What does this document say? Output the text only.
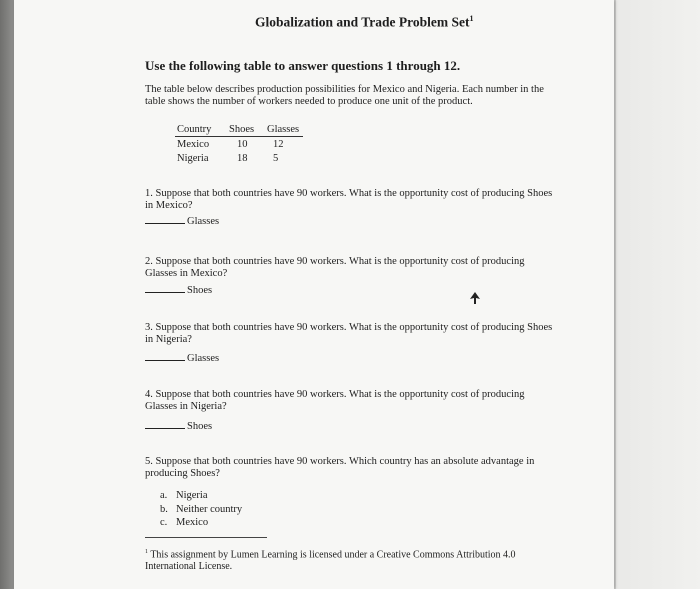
Globalization and Trade Problem Set$^1$
Use the following table to answer questions 1 through 12.
The table below describes production possibilities for Mexico and Nigeria. Each number in the
table shows the number of workers needed to produce one unit of the product.
Country	Shoes	Glasses
Mexico	10	12
Nigeria	18	5
1. Suppose that both countries have 90 workers. What is the opportunity cost of producing Shoes
in Mexico?
Glasses
2. Suppose that both countries have 90 workers. What is the opportunity cost of producing
Glasses in Mexico?
Shoes
3. Suppose that both countries have 90 workers. What is the opportunity cost of producing Shoes
in Nigeria?
Glasses
4. Suppose that both countries have 90 workers. What is the opportunity cost of producing
Glasses in Nigeria?
Shoes
5. Suppose that both countries have 90 workers. Which country has an absolute advantage in
producing Shoes?
a. Nigeria
b. Neither country
c. Mexico
$^1$ This assignment by Lumen Learning is licensed under a Creative Commons Attribution 4.0
International License.
